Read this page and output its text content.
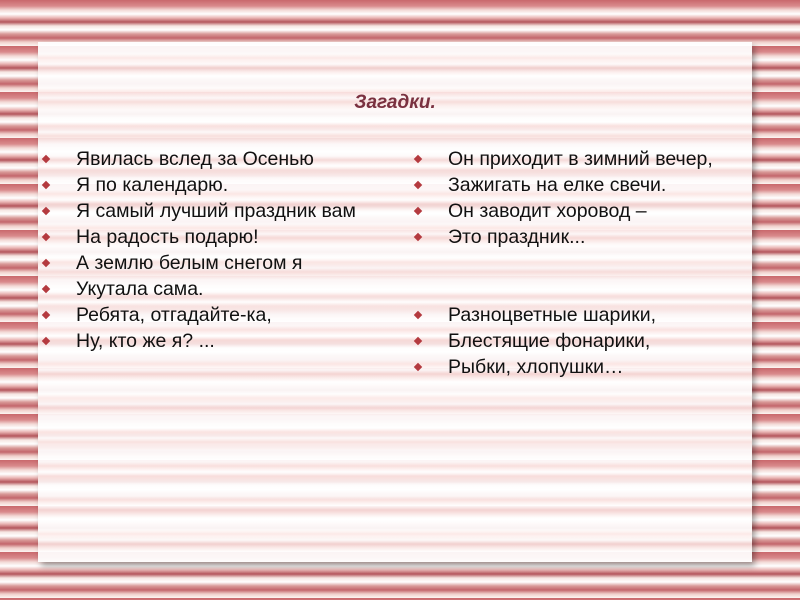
Загадки.
Явилась вслед за Осенью
Я по календарю.
Я самый лучший праздник вам
На радость подарю!
А землю белым снегом я
Укутала сама.
Ребята, отгадайте-ка,
Ну, кто же я? ...
Он приходит в зимний вечер,
Зажигать на елке свечи.
Он заводит хоровод –
Это праздник...
Разноцветные шарики,
Блестящие фонарики,
Рыбки, хлопушки…
